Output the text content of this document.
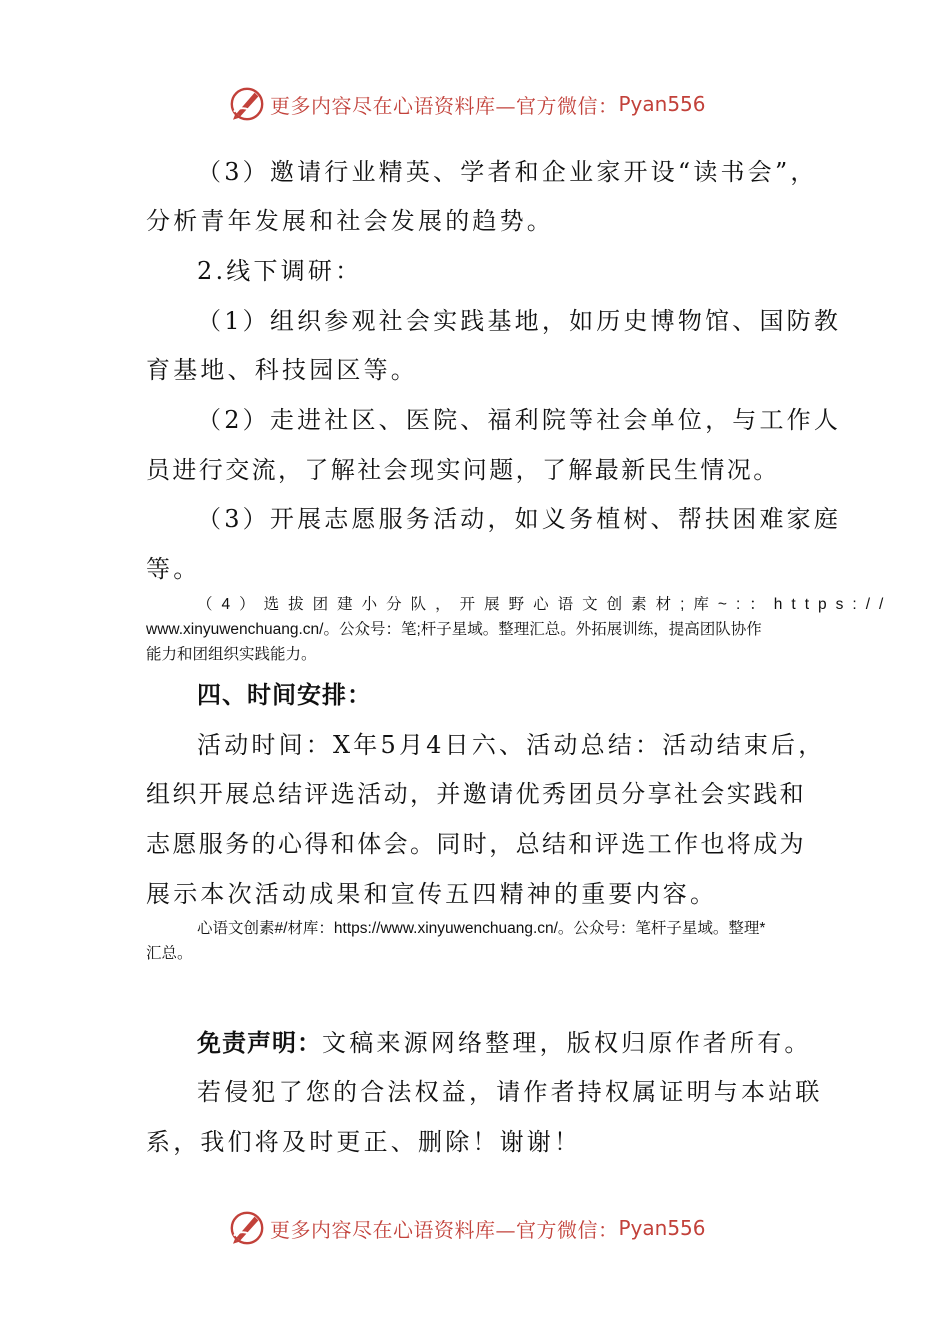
更多内容尽在心语资料库—官方微信： Pyan556
（3）邀请行业精英、学者和企业家开设“读书会”，
分析青年发展和社会发展的趋势。
2.线下调研：
（1）组织参观社会实践基地，如历史博物馆、国防教
育基地、科技园区等。
（2）走进社区、医院、福利院等社会单位，与工作人
员进行交流，了解社会现实问题，了解最新民生情况。
（3）开展志愿服务活动，如义务植树、帮扶困难家庭
等。
（4）选拔团建小分队，开展野心语文创素材;库~:：https://
www.xinyuwenchuang.cn/。公众号：笔;杆子星域。整理汇总。外拓展训练，提高团队协作
能力和团组织实践能力。
四、时间安排：
活动时间：X年5月4日六、活动总结：活动结束后，
组织开展总结评选活动，并邀请优秀团员分享社会实践和
志愿服务的心得和体会。同时，总结和评选工作也将成为
展示本次活动成果和宣传五四精神的重要内容。
心语文创素#/材库：https://www.xinyuwenchuang.cn/。公众号：笔杆子星域。整理*
汇总。
免责声明：文稿来源网络整理，版权归原作者所有。
若侵犯了您的合法权益，请作者持权属证明与本站联
系，我们将及时更正、删除！谢谢！
更多内容尽在心语资料库—官方微信： Pyan556
